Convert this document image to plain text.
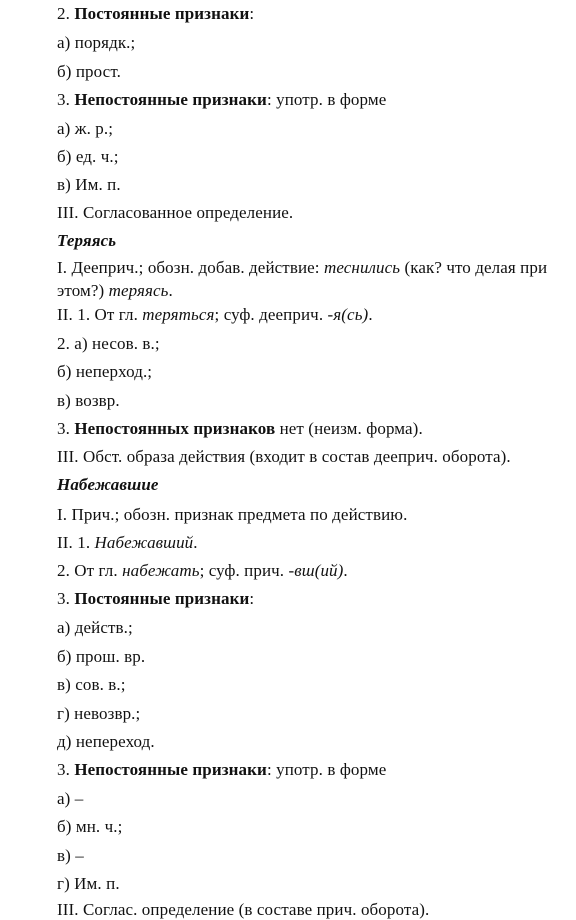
2. Постоянные признаки:
а) порядк.;
б) прост.
3. Непостоянные признаки: употр. в форме
а) ж. р.;
б) ед. ч.;
в) Им. п.
III. Согласованное определение.
Теряясь
I. Дееприч.; обозн. добав. действие: теснились (как? что делая при этом?) теряясь.
II. 1. От гл. теряться; суф. дееприч. -я(сь).
2. а) несов. в.;
б) неперход.;
в) возвр.
3. Непостоянных признаков нет (неизм. форма).
III. Обст. образа действия (входит в состав дееприч. оборота).
Набежавшие
I. Прич.; обозн. признак предмета по действию.
II. 1. Набежавший.
2. От гл. набежать; суф. прич. -вш(ий).
3. Постоянные признаки:
а) действ.;
б) прош. вр.
в) сов. в.;
г) невозвр.;
д) непереход.
3. Непостоянные признаки: употр. в форме
а) –
б) мн. ч.;
в) –
г) Им. п.
III. Соглас. определение (в составе прич. оборота).
